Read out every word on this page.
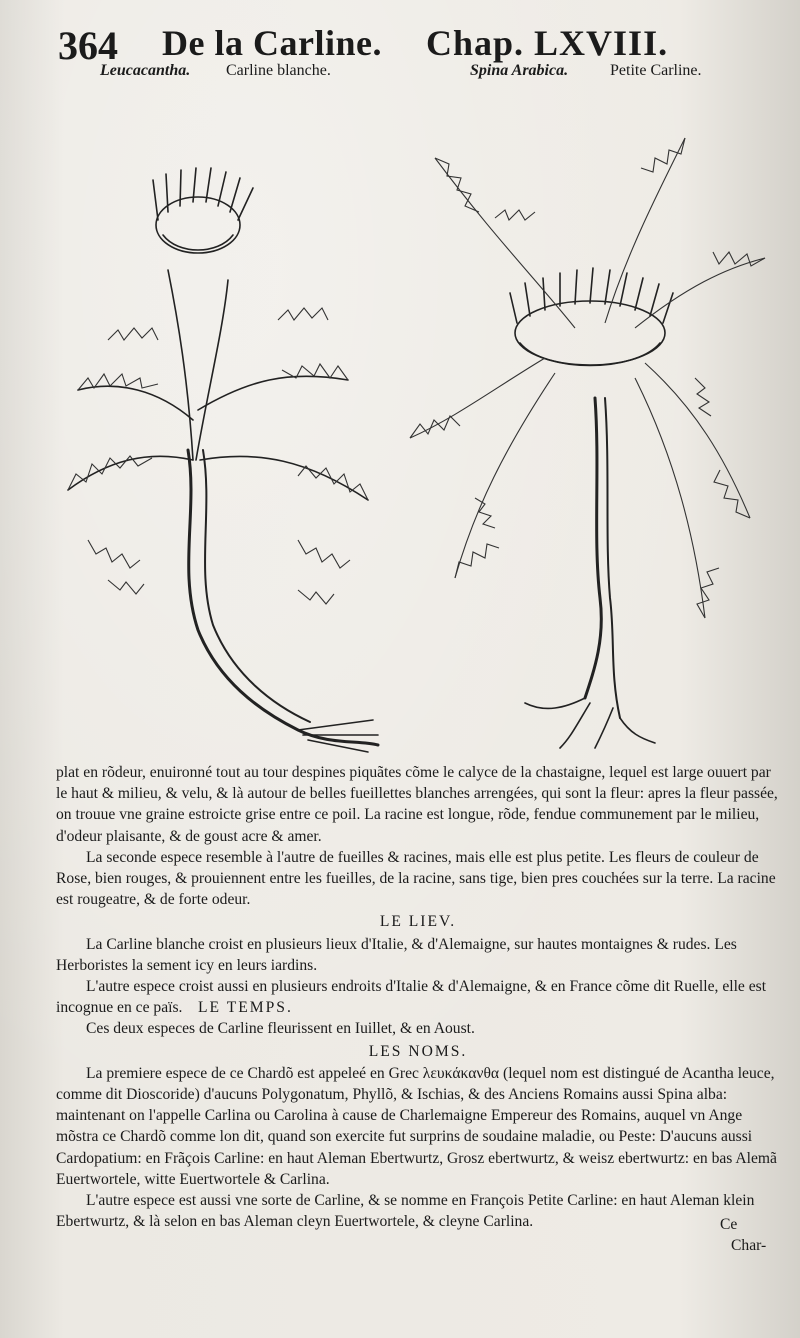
364 De la Carline. Chap. LXVIII.
Leucacantha. Carline blanche.	Spina Arabica.	Petite Carline.

plat en rõdeur, enuironné tout au tour despines piquãtes cõme le calyce de la chastaigne, lequel est large ouuert par le haut & milieu, & velu, & là autour de belles fueillettes blanches arrengées, qui sont la fleur: apres la fleur passée, on trouue vne graine estroicte grise entre ce poil. La racine est longue, rõde, fendue communement par le milieu, d'odeur plaisante, & de goust acre & amer.

La seconde espece resemble à l'autre de fueilles & racines, mais elle est plus petite. Les fleurs de couleur de Rose, bien rouges, & prouiennent entre les fueilles, de la racine, sans tige, bien pres couchées sur la terre. La racine est rougeatre, & de forte odeur.

LE LIEV.

La Carline blanche croist en plusieurs lieux d'Italie, & d'Alemaigne, sur hautes montaignes & rudes. Les Herboristes la sement icy en leurs iardins.

L'autre espece croist aussi en plusieurs endroits d'Italie & d'Alemaigne, & en France cõme dit Ruelle, elle est incognue en ce païs. LE TEMPS.

Ces deux especes de Carline fleurissent en Iuillet, & en Aoust.

LES NOMS.

La premiere espece de ce Chardõ est appeleé en Grec λευκάκανθα (lequel nom est distingué de Acantha leuce, comme dit Dioscoride) d'aucuns Polygonatum, Phyllõ, & Ischias, & des Anciens Romains aussi Spina alba: maintenant on l'appelle Carlina ou Carolina à cause de Charlemaigne Empereur des Romains, auquel vn Ange mõstra ce Chardõ comme lon dit, quand son exercite fut surprins de soudaine maladie, ou Peste: D'aucuns aussi Cardopatium: en Frãçois Carline: en haut Aleman Ebertwurtz, Grosz ebertwurtz, & weisz ebertwurtz: en bas Alemã Euertwortele, witte Euertwortele & Carlina.

L'autre espece est aussi vne sorte de Carline, & se nomme en François Petite Carline: en haut Aleman klein Ebertwurtz, & là selon en bas Aleman cleyn Euertwortele, & cleyne Carlina.	Ce
Char-
